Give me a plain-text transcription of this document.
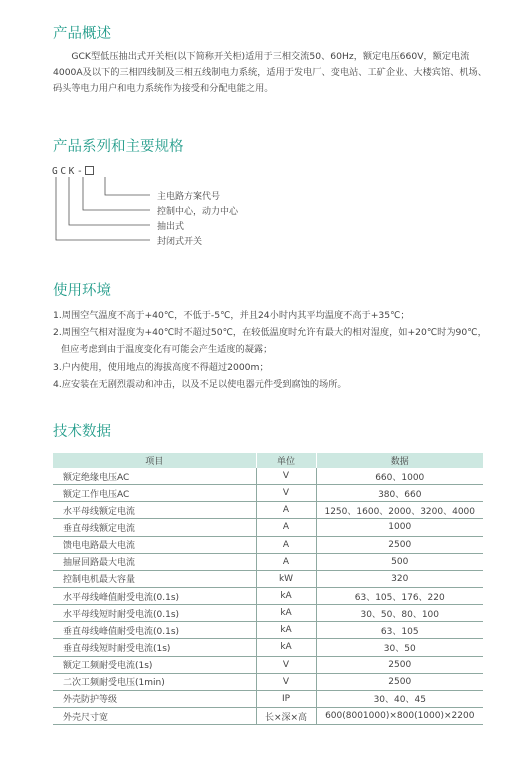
产品概述

GCK型低压抽出式开关柜(以下简称开关柜)适用于三相交流50、60Hz，额定电压660V，额定电流4000A及以下的三相四线制及三相五线制电力系统，适用于发电厂、变电站、工矿企业、大楼宾馆、机场、码头等电力用户和电力系统作为接受和分配电能之用。

产品系列和主要规格
GCK-
主电路方案代号
控制中心，动力中心
抽出式
封闭式开关
使用环境
1.周围空气温度不高于+40℃，不低于-5℃，并且24小时内其平均温度不高于+35℃；
2.周围空气相对湿度为+40℃时不超过50℃，在较低温度时允许有最大的相对湿度，如+20℃时为90℃，
但应考虑到由于温度变化有可能会产生适度的凝露；
3.户内使用，使用地点的海拔高度不得超过2000m；
4.应安装在无剧烈震动和冲击，以及不足以使电器元件受到腐蚀的场所。
技术数据
项目	单位	数据
额定绝缘电压AC	V	660、1000
额定工作电压AC	V	380、660
水平母线额定电流	A	1250、1600、2000、3200、4000
垂直母线额定电流	A	1000
馈电电路最大电流	A	2500
抽屉回路最大电流	A	500
控制电机最大容量	kW	320
水平母线峰值耐受电流(0.1s)	kA	63、105、176、220
水平母线短时耐受电流(0.1s)	kA	30、50、80、100
垂直母线峰值耐受电流(0.1s)	kA	63、105
垂直母线短时耐受电流(1s)	kA	30、50
额定工频耐受电流(1s)	V	2500
二次工频耐受电压(1min)	V	2500
外壳防护等级	IP	30、40、45
外壳尺寸宽	长×深×高	600(8001000)×800(1000)×2200
